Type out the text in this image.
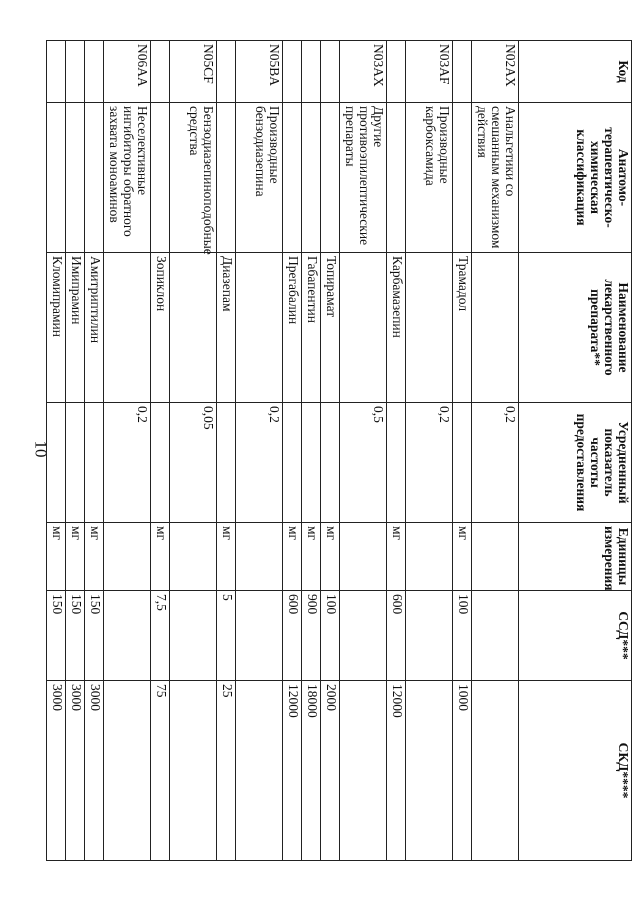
10
Код	Анатомо-терапевтическо-химическая классификация	Наименование лекарственного препарата**	Усредненный показатель частоты предоставления	Единицы измерения	ССД***	СКД****
N02AX	Анальгетики со смешанным механизмом действия		0,2			
		Трамадол		мг	100	1000
N03AF	Производные карбоксамида		0,2			
		Карбамазепин		мг	600	12000
N03AX	Другие противоэпилептические препараты		0,5			
		Топирамат		мг	100	2000
		Габапентин		мг	900	18000
		Прегабалин		мг	600	12000
N05BA	Производные бензодиазепина		0,2			
		Диазепам		мг	5	25
N05CF	Бензодиазепиноподобные средства		0,05			
		Зопиклон		мг	7,5	75
N06AA	Неселективные ингибиторы обратного захвата моноаминов		0,2			
		Амитриптилин		мг	150	3000
		Имипрамин		мг	150	3000
		Кломипрамин		мг	150	3000
